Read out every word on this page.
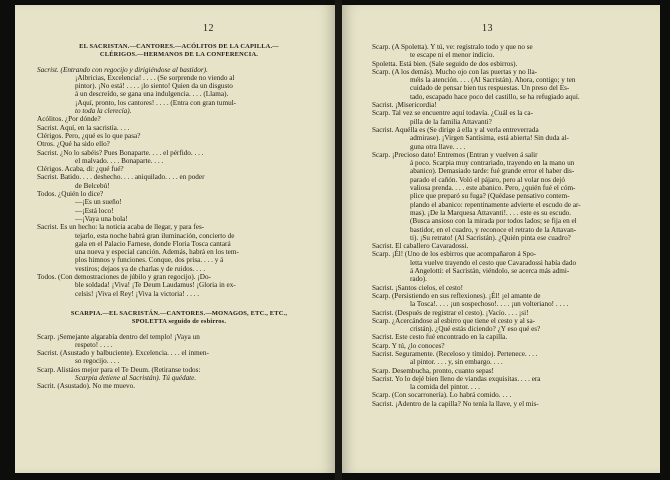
12
EL SACRISTAN.—CANTORES.—ACÓLITOS DE LA CAPILLA.—
CLÉRIGOS.—HERMANOS DE LA CONFERENCIA.
Sacrist. (Entrando con regocijo y dirigiéndose al bastidor).
¡Albricias, Excelencia! . . . . (Se sorprende no viendo al
pintor). ¡No está! . . . . ¡lo siento! Quien da un disgusto
á un descreído, se gana una indulgencia. . . . (Llama).
¡Aquí, pronto, los cantores! . . . . (Entra con gran tumul-
to toda la clerecía).
Acólitos. ¿Por dónde?
Sacrist. Aquí, en la sacristía. . . .
Clérigos. Pero, ¿qué es lo que pasa?
Otros. ¿Qué ha sido ello?
Sacrist. ¿No lo sabéis? Pues Bonaparte. . . . el pérfido. . . .
el malvado. . . . Bonaparte. . . .
Clérigos. Acaba, di: ¿qué fué?
Sacrist. Batido. . . . deshecho. . . . aniquilado. . . . en poder
de Belcebú!
Todos. ¿Quién lo dice?
—¡Es un sueño!
—¡Está loco!
—¡Vaya una bola!
Sacrist. Es un hecho: la noticia acaba de llegar, y para fes-
tejarlo, esta noche habrá gran iluminación, concierto de
gala en el Palacio Farnese, donde Floria Tosca cantará
una nueva y especial canción. Además, habrá en los tem-
plos himnos y funciones. Conque, dos prisa. . . . y á
vestiros; dejaos ya de charlas y de ruidos. . . .
Todos. (Con demostraciones de júbilo y gran regocijo). ¡Do-
ble soldada! ¡Viva! ¡Te Deum Laudamus! ¡Gloria in ex-
celsis! ¡Viva el Rey! ¡Viva la victoria! . . . .
SCARPIA.—EL SACRISTÁN.—CANTORES.—MONAGOS, ETC., ETC.,
SPOLETTA seguido de esbirros.
Scarp. ¡Semejante algarabía dentro del templo! ¡Vaya un
respeto! . . . .
Sacrist. (Asustado y balbuciente). Excelencia. . . . el inmen-
so regocijo. . . .
Scarp. Alistáos mejor para el Te Deum. (Retiranse todos:
Scarpia detiene al Sacristán). Tú quédate.
Sacrit. (Asustado). No me muevo.
13
Scarp. (A Spoletta). Y tú, ve: registralo todo y que no se
te escape ni el menor indicio.
Spoletta. Está bien. (Sale seguido de dos esbirros).
Scarp. (A los demás). Mucho ojo con las puertas y no lla-
méis la atención. . . . (Al Sacristán). Ahora, contigo; y ten
cuidado de pensar bien tus respuestas. Un preso del Es-
tado, escapado hace poco del castillo, se ha refugiado aquí.
Sacrist. ¡Misericordia!
Scarp. Tal vez se encuentre aquí todavía. ¿Cuál es la ca-
pilla de la familia Attavanti?
Sacrist. Aquélla es (Se dirige á ella y al verla entreverrada
admirase). ¡Virgen Santísima, está abierta! Sin duda al-
guna otra llave. . . .
Scarp. ¡Precioso dato! Entremos (Entran y vuelven á salir
á poco. Scarpia muy contrariado, trayendo en la mano un
abanico). Demasiado tarde: fué grande error el haber dis-
parado el cañón. Voló el pájaro, pero al volar nos dejó
valiosa prenda. . . . este abanico. Pero, ¿quién fué el cóm-
plice que preparó su fuga? (Quédase pensativo contem-
plando el abanico: repentinamente advierte el escudo de ar-
mas). ¡De la Marquesa Attavanti!. . . . este es su escudo.
(Busca ansioso con la mirada por todos lados; se fija en el
bastidor, en el cuadro, y reconoce el retrato de la Attavan-
ti). ¡Su retrato! (Al Sacristán). ¿Quién pinta ese cuadro?
Sacrist. El caballero Cavaradossi.
Scarp. ¡Él! (Uno de los esbirros que acompañaron á Spo-
letta vuelve trayendo el cesto que Cavaradossi había dado
á Angelotti: el Sacristán, viéndolo, se acerca más admi-
rado).
Sacrist. ¡Santos cielos, el cesto!
Scarp. (Persistiendo en sus reflexiones). ¡Él! ¡el amante de
la Tosca!. . . . ¡un sospechoso!. . . . ¡un volteriano! . . . .
Sacrist. (Después de registrar el cesto). ¡Vacío. . . . ¡si!
Scarp. ¿Acercándose al esbirro que tiene el cesto y al sa-
cristán). ¿Qué estás diciendo? ¿Y eso qué es?
Sacrist. Este cesto fué encontrado en la capilla.
Scarp. Y tú, ¿lo conoces?
Sacrist. Seguramente. (Receloso y tímido). Pertenece. . . .
al pintor. . . . y, sin embargo. . . .
Scarp. Desembucha, pronto, cuanto sepas!
Sacrist. Yo lo dejé bien lleno de viandas exquisitas. . . . era
la comida del pintor. . . .
Scarp. (Con socarronería). Lo habrá comido. . . .
Sacrist. ¡Adentro de la capilla? No tenía la llave, y el mis-
